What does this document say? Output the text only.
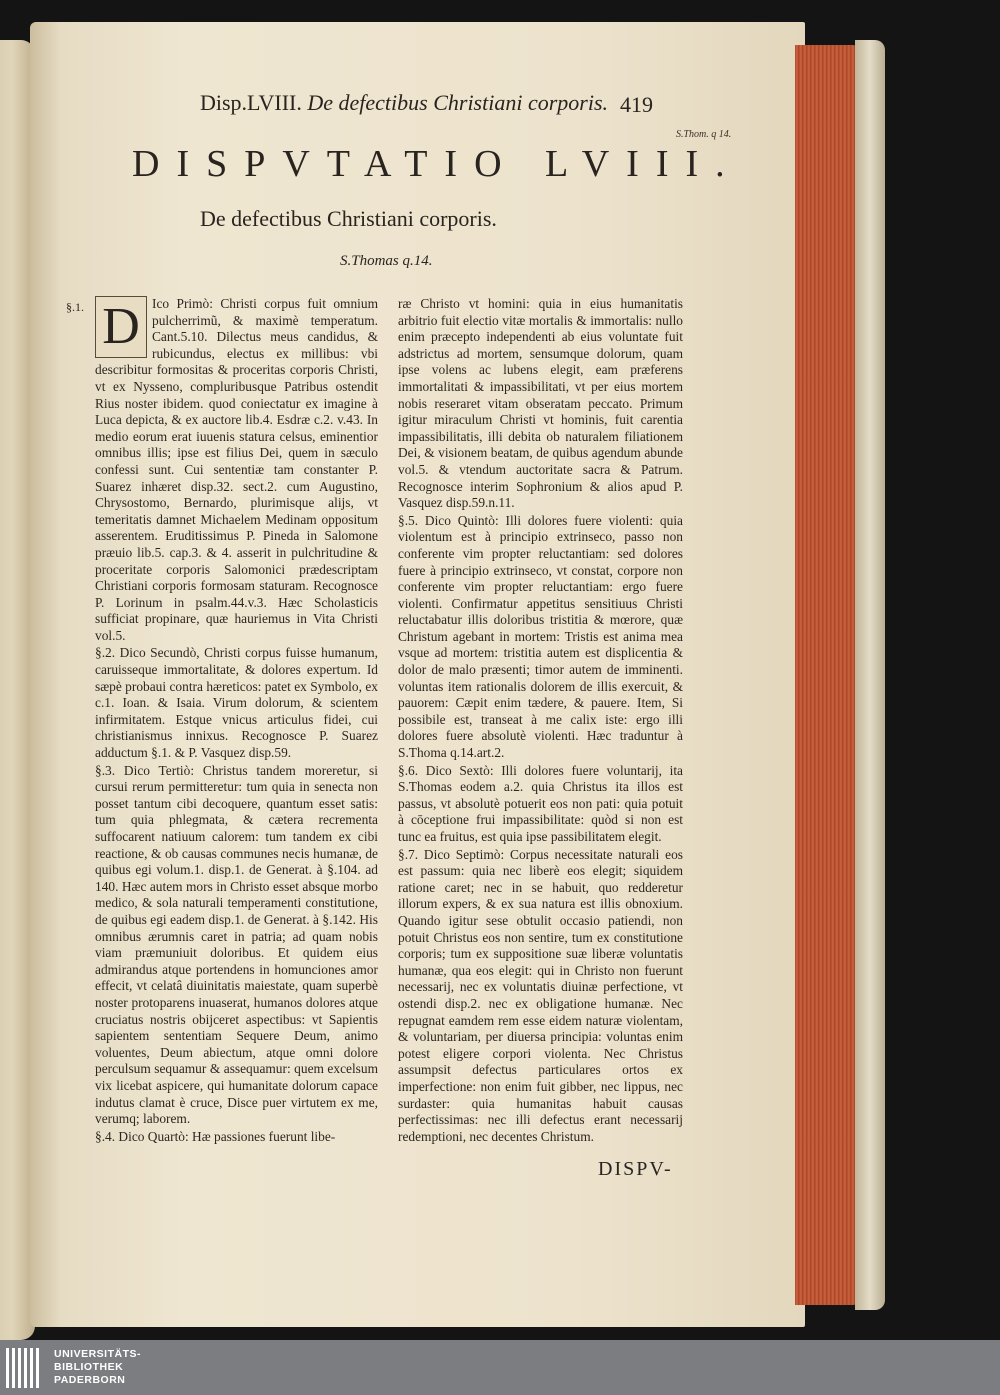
Disp.LVIII. De defectibus Christiani corporis. 419
S.Thom. q 14.
DISPVTATIO LVIII.
De defectibus Christiani corporis.
S.Thomas q.14.
§.1. D Ico Primò: Christi corpus fuit omnium pulcherrimũ, & maximè temperatum. Cant.5.10. Dilectus meus candidus, & rubicundus, electus ex millibus: vbi describitur formositas & proceritas corporis Christi, vt ex Nysseno, compluribusque Patribus ostendit Rius noster ibidem. quod coniectatur ex imagine à Luca depicta, & ex auctore lib.4. Esdræ c.2. v.43. In medio eorum erat iuuenis statura celsus, eminentior omnibus illis; ipse est filius Dei, quem in sæculo confessi sunt. Cui sententiæ tam constanter P. Suarez inhæret disp.32. sect.2. cum Augustino, Chrysostomo, Bernardo, plurimisque alijs, vt temeritatis damnet Michaelem Medinam oppositum asserentem. Eruditissimus P. Pineda in Salomone præuio lib.5. cap.3. & 4. asserit in pulchritudine & proceritate corporis Salomonici prædescriptam Christiani corporis formosam staturam. Recognosce P. Lorinum in psalm.44.v.3. Hæc Scholasticis sufficiat propinare, quæ hauriemus in Vita Christi vol.5.

§.2. Dico Secundò, Christi corpus fuisse humanum, caruisseque immortalitate, & dolores expertum. Id sæpè probaui contra hæreticos: patet ex Symbolo, ex c.1. Ioan. & Isaia. Virum dolorum, & scientem infirmitatem. Estque vnicus articulus fidei, cui christianismus innixus. Recognosce P. Suarez adductum §.1. & P. Vasquez disp.59.

§.3. Dico Tertiò: Christus tandem moreretur, si cursui rerum permitteretur: tum quia in senecta non posset tantum cibi decoquere, quantum esset satis: tum quia phlegmata, & cætera recrementa suffocarent natiuum calorem: tum tandem ex cibi reactione, & ob causas communes necis humanæ, de quibus egi volum.1. disp.1. de Generat. à §.104. ad 140. Hæc autem mors in Christo esset absque morbo medico, & sola naturali temperamenti constitutione, de quibus egi eadem disp.1. de Generat. à §.142. His omnibus ærumnis caret in patria; ad quam nobis viam præmuniuit doloribus. Et quidem eius admirandus atque portendens in homunciones amor effecit, vt celatâ diuinitatis maiestate, quam superbè noster protoparens inuaserat, humanos dolores atque cruciatus nostris obijceret aspectibus: vt Sapientis sapientem sententiam Sequere Deum, animo voluentes, Deum abiectum, atque omni dolore perculsum sequamur & assequamur: quem excelsum vix licebat aspicere, qui humanitate dolorum capace indutus clamat è cruce, Disce puer virtutem ex me, verumq; laborem.

§.4. Dico Quartò: Hæ passiones fuerunt libe-

ræ Christo vt homini: quia in eius humanitatis arbitrio fuit electio vitæ mortalis & immortalis: nullo enim præcepto independenti ab eius voluntate fuit adstrictus ad mortem, sensumque dolorum, quam ipse volens ac lubens elegit, eam præferens immortalitati & impassibilitati, vt per eius mortem nobis reseraret vitam obseratam peccato. Primum igitur miraculum Christi vt hominis, fuit carentia impassibilitatis, illi debita ob naturalem filiationem Dei, & visionem beatam, de quibus agendum abunde vol.5. & vtendum auctoritate sacra & Patrum. Recognosce interim Sophronium & alios apud P. Vasquez disp.59.n.11.

§.5. Dico Quintò: Illi dolores fuere violenti: quia violentum est à principio extrinseco, passo non conferente vim propter reluctantiam: sed dolores fuere à principio extrinseco, vt constat, corpore non conferente vim propter reluctantiam: ergo fuere violenti. Confirmatur appetitus sensitiuus Christi reluctabatur illis doloribus tristitia & mœrore, quæ Christum agebant in mortem: Tristis est anima mea vsque ad mortem: tristitia autem est displicentia & dolor de malo præsenti; timor autem de imminenti. voluntas item rationalis dolorem de illis exercuit, & pauorem: Cæpit enim tædere, & pauere. Item, Si possibile est, transeat à me calix iste: ergo illi dolores fuere absolutè violenti. Hæc traduntur à S.Thoma q.14.art.2.

§.6. Dico Sextò: Illi dolores fuere voluntarij, ita S.Thomas eodem a.2. quia Christus ita illos est passus, vt absolutè potuerit eos non pati: quia potuit à cōceptione frui impassibilitate: quòd si non est tunc ea fruitus, est quia ipse passibilitatem elegit.

§.7. Dico Septimò: Corpus necessitate naturali eos est passum: quia nec liberè eos elegit; siquidem ratione caret; nec in se habuit, quo redderetur illorum expers, & ex sua natura est illis obnoxium. Quando igitur sese obtulit occasio patiendi, non potuit Christus eos non sentire, tum ex constitutione corporis; tum ex suppositione suæ liberæ voluntatis humanæ, qua eos elegit: qui in Christo non fuerunt necessarij, nec ex voluntatis diuinæ perfectione, vt ostendi disp.2. nec ex obligatione humanæ. Nec repugnat eamdem rem esse eidem naturæ violentam, & voluntariam, per diuersa principia: voluntas enim potest eligere corpori violenta. Nec Christus assumpsit defectus particulares ortos ex imperfectione: non enim fuit gibber, nec lippus, nec surdaster: quia humanitas habuit causas perfectissimas: nec illi defectus erant necessarij redemptioni, nec decentes Christum.

DISPV-
UNIVERSITÄTS-
BIBLIOTHEK
PADERBORN
